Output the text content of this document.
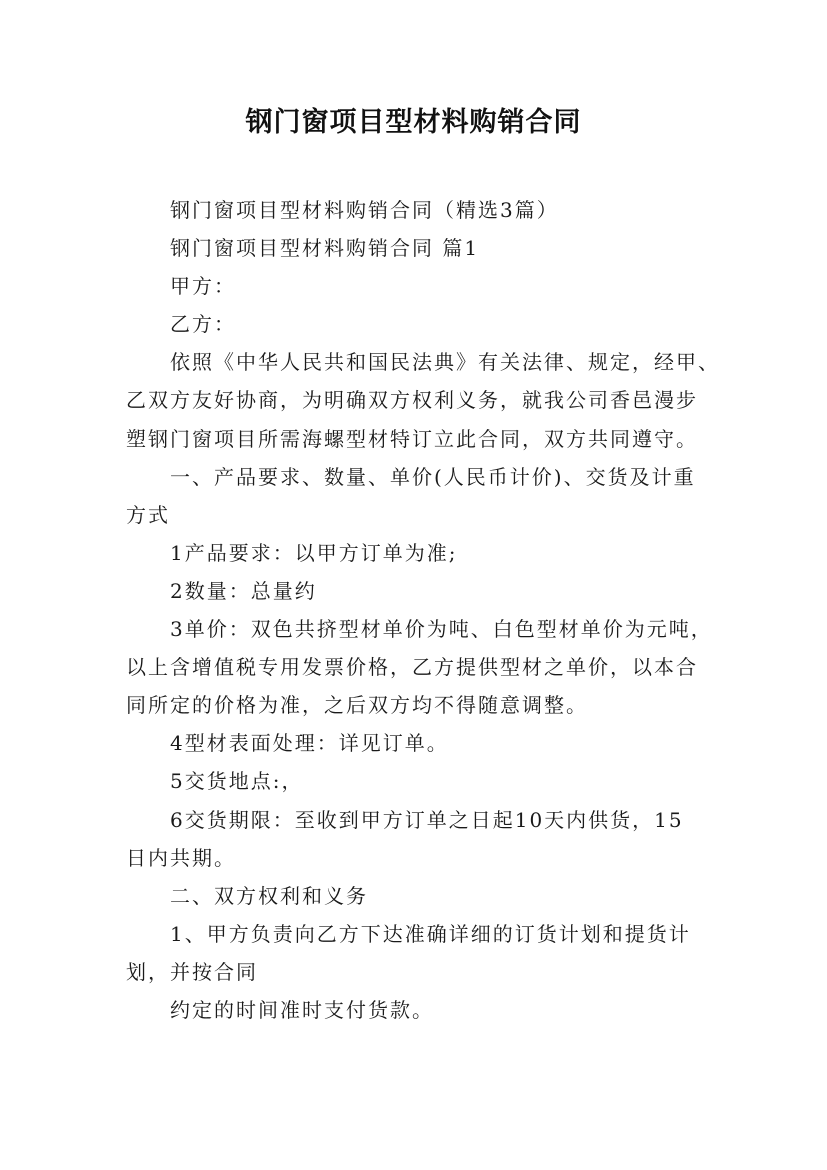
钢门窗项目型材料购销合同
钢门窗项目型材料购销合同（精选3篇）
钢门窗项目型材料购销合同 篇1
甲方：
乙方：
依照《中华人民共和国民法典》有关法律、规定，经甲、
乙双方友好协商，为明确双方权利义务，就我公司香邑漫步
塑钢门窗项目所需海螺型材特订立此合同，双方共同遵守。
一、产品要求、数量、单价(人民币计价)、交货及计重
方式
1产品要求：以甲方订单为准;
2数量：总量约
3单价：双色共挤型材单价为吨、白色型材单价为元吨，
以上含增值税专用发票价格，乙方提供型材之单价，以本合
同所定的价格为准，之后双方均不得随意调整。
4型材表面处理：详见订单。
5交货地点:，
6交货期限：至收到甲方订单之日起10天内供货，15
日内共期。
二、双方权利和义务
1、甲方负责向乙方下达准确详细的订货计划和提货计
划，并按合同
约定的时间准时支付货款。
